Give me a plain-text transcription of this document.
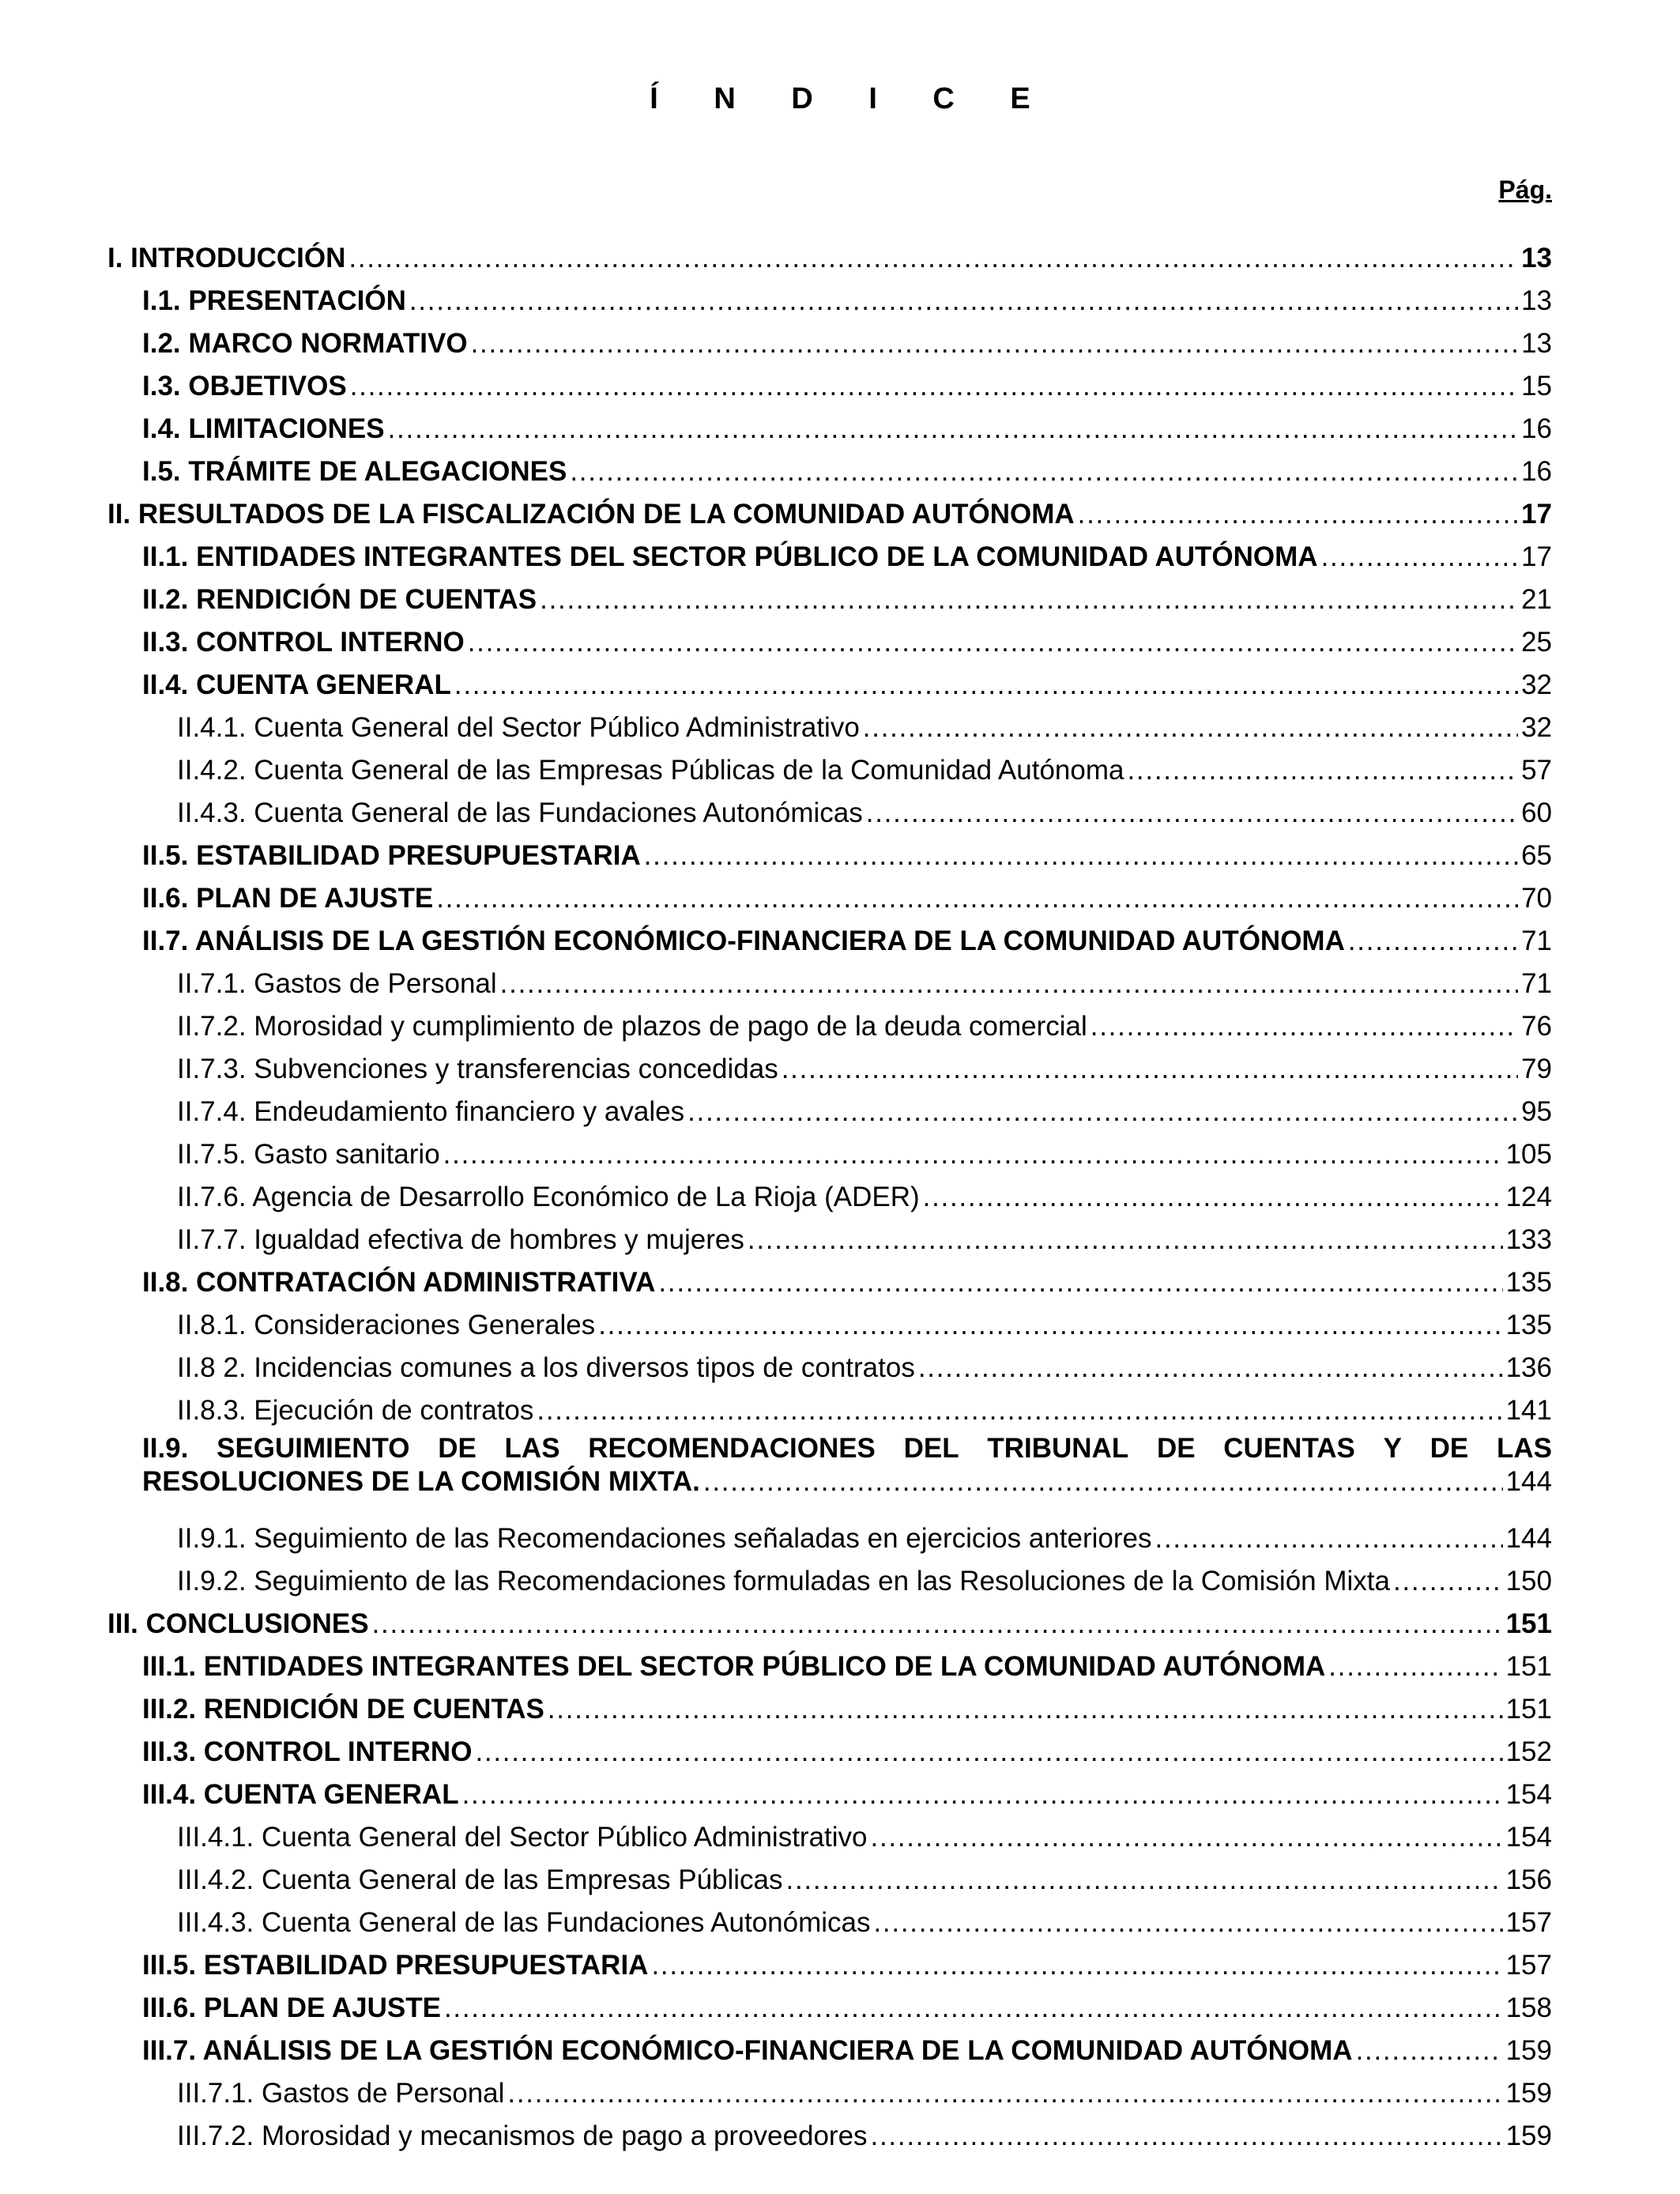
Í N D I C E
Pág.
I. INTRODUCCIÓN . . .	13
I.1. PRESENTACIÓN . . .	13
I.2. MARCO NORMATIVO . . .	13
I.3. OBJETIVOS . . .	15
I.4. LIMITACIONES . . .	16
I.5. TRÁMITE DE ALEGACIONES . . .	16
II. RESULTADOS DE LA FISCALIZACIÓN DE LA COMUNIDAD AUTÓNOMA . . .	17
II.1. ENTIDADES INTEGRANTES DEL SECTOR PÚBLICO DE LA COMUNIDAD AUTÓNOMA . . .	17
II.2. RENDICIÓN DE CUENTAS . . .	21
II.3. CONTROL INTERNO . . .	25
II.4. CUENTA GENERAL . . .	32
II.4.1. Cuenta General del Sector Público Administrativo . . .	32
II.4.2. Cuenta General de las Empresas Públicas de la Comunidad Autónoma . . .	57
II.4.3. Cuenta General de las Fundaciones Autonómicas . . .	60
II.5. ESTABILIDAD PRESUPUESTARIA . . .	65
II.6. PLAN DE AJUSTE . . .	70
II.7. ANÁLISIS DE LA GESTIÓN ECONÓMICO-FINANCIERA DE LA COMUNIDAD AUTÓNOMA . . .	71
II.7.1. Gastos de Personal . . .	71
II.7.2. Morosidad y cumplimiento de plazos de pago de la deuda comercial . . .	76
II.7.3. Subvenciones y transferencias concedidas . . .	79
II.7.4. Endeudamiento financiero y avales . . .	95
II.7.5. Gasto sanitario . . .	105
II.7.6. Agencia de Desarrollo Económico de La Rioja (ADER) . . .	124
II.7.7. Igualdad efectiva de hombres y mujeres . . .	133
II.8. CONTRATACIÓN ADMINISTRATIVA . . .	135
II.8.1. Consideraciones Generales . . .	135
II.8 2. Incidencias comunes a los diversos tipos de contratos . . .	136
II.8.3. Ejecución de contratos . . .	141
II.9. SEGUIMIENTO DE LAS RECOMENDACIONES DEL TRIBUNAL DE CUENTAS Y DE LAS
RESOLUCIONES DE LA COMISIÓN MIXTA. . . .	144
II.9.1. Seguimiento de las Recomendaciones señaladas en ejercicios anteriores . . .	144
II.9.2. Seguimiento de las Recomendaciones formuladas en las Resoluciones de la Comisión Mixta . . .	150
III. CONCLUSIONES . . .	151
III.1. ENTIDADES INTEGRANTES DEL SECTOR PÚBLICO DE LA COMUNIDAD AUTÓNOMA . . .	151
III.2. RENDICIÓN DE CUENTAS . . .	151
III.3. CONTROL INTERNO . . .	152
III.4. CUENTA GENERAL . . .	154
III.4.1. Cuenta General del Sector Público Administrativo . . .	154
III.4.2. Cuenta General de las Empresas Públicas . . .	156
III.4.3. Cuenta General de las Fundaciones Autonómicas . . .	157
III.5. ESTABILIDAD PRESUPUESTARIA . . .	157
III.6. PLAN DE AJUSTE . . .	158
III.7. ANÁLISIS DE LA GESTIÓN ECONÓMICO-FINANCIERA DE LA COMUNIDAD AUTÓNOMA . . .	159
III.7.1. Gastos de Personal . . .	159
III.7.2. Morosidad y mecanismos de pago a proveedores . . .	159
